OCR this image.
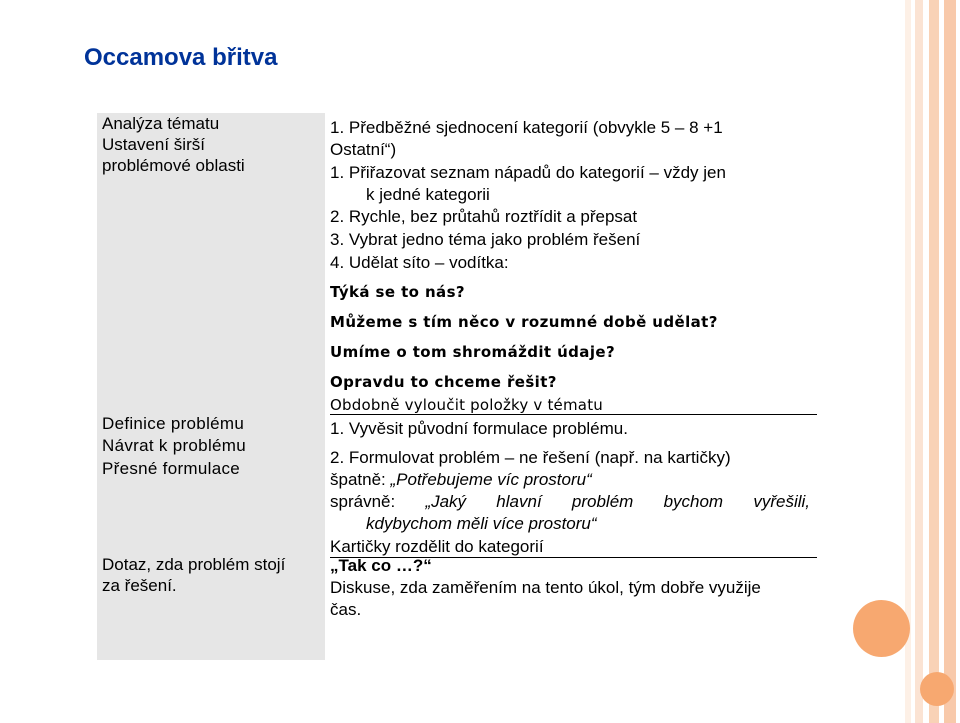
Occamova břitva
Analýza tématu
Ustavení širší
problémové oblasti
Definice problému
Návrat k problému
Přesné formulace
Dotaz, zda problém stojí
za řešení.
1. Předběžné sjednocení kategorií (obvykle 5 – 8 +1
Ostatní“)
1. Přiřazovat seznam nápadů do kategorií – vždy jen
k jedné kategorii
2. Rychle, bez průtahů roztřídit a přepsat
3. Vybrat jedno téma jako problém řešení
4. Udělat síto – vodítka:
Týká se to nás?
Můžeme s tím něco v rozumné době udělat?
Umíme o tom shromáždit údaje?
Opravdu to chceme řešit?
Obdobně vyloučit položky v tématu
1. Vyvěsit původní formulace problému.
2. Formulovat problém – ne řešení (např. na kartičky)
špatně: „Potřebujeme víc prostoru“
správně: „Jaký hlavní problém bychom vyřešili,
kdybychom měli více prostoru“
Kartičky rozdělit do kategorií
„Tak co …?“
Diskuse, zda zaměřením na tento úkol, tým dobře využije
čas.
